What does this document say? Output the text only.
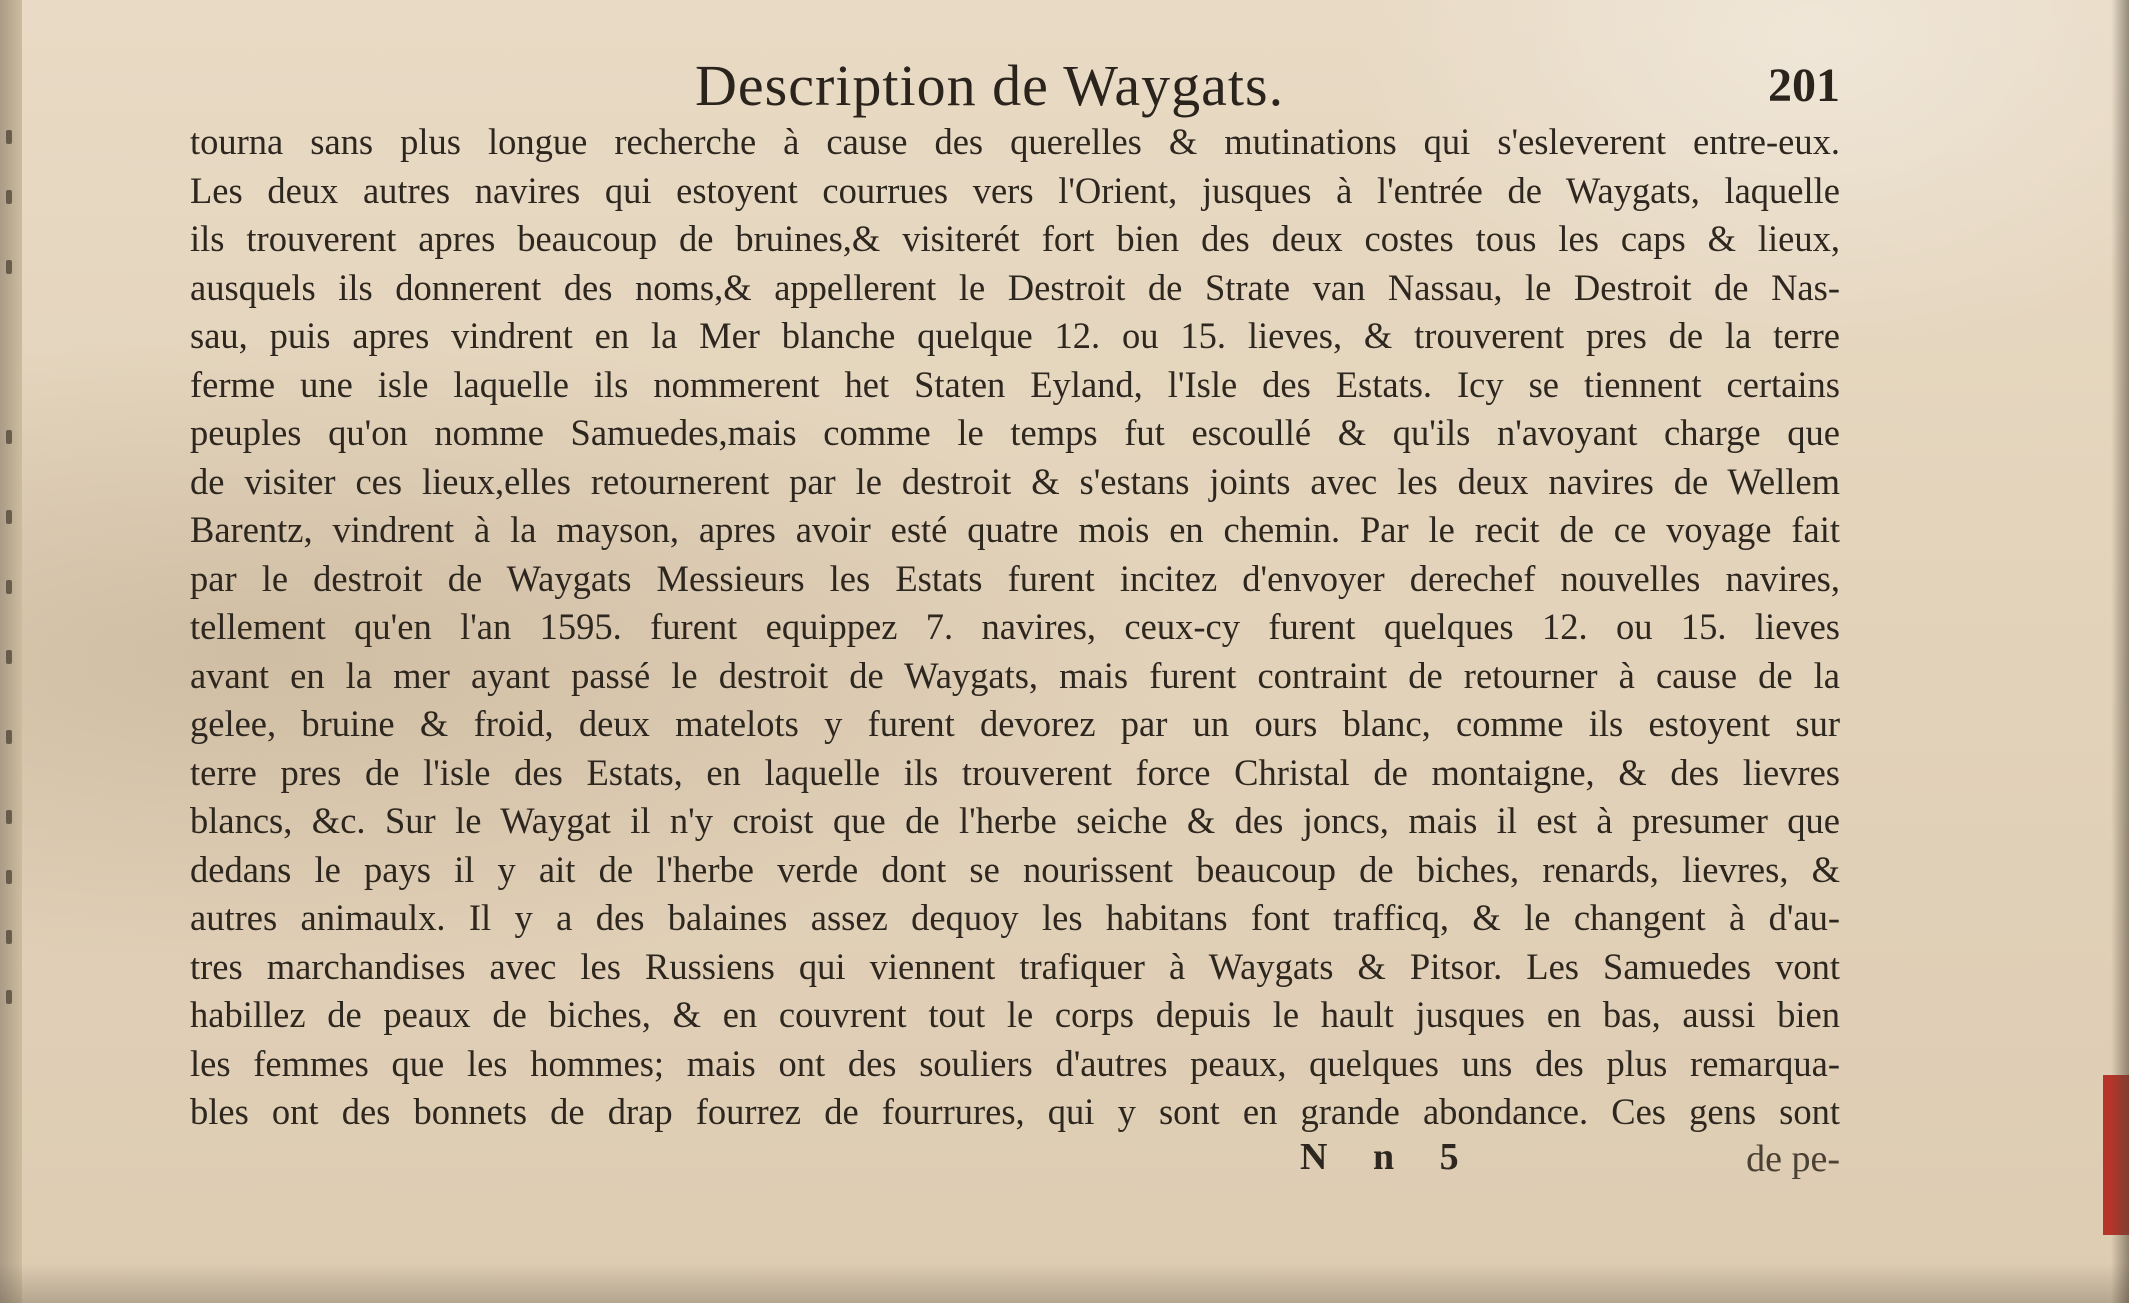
Description de Waygats.	201
tourna sans plus longue recherche à cause des querelles & mutinations qui s'esleverent entre-eux.
Les deux autres navires qui estoyent courrues vers l'Orient, jusques à l'entrée de Waygats, laquelle
ils trouverent apres beaucoup de bruines,& visiterét fort bien des deux costes tous les caps & lieux,
ausquels ils donnerent des noms,& appellerent le Destroit de Strate van Nassau, le Destroit de Nas-
sau, puis apres vindrent en la Mer blanche quelque 12. ou 15. lieves, & trouverent pres de la terre
ferme une isle laquelle ils nommerent het Staten Eyland, l'Isle des Estats. Icy se tiennent certains
peuples qu'on nomme Samuedes,mais comme le temps fut escoullé & qu'ils n'avoyant charge que
de visiter ces lieux,elles retournerent par le destroit & s'estans joints avec les deux navires de Wellem
Barentz, vindrent à la mayson, apres avoir esté quatre mois en chemin. Par le recit de ce voyage fait
par le destroit de Waygats Messieurs les Estats furent incitez d'envoyer derechef nouvelles navires,
tellement qu'en l'an 1595. furent equippez 7. navires, ceux-cy furent quelques 12. ou 15. lieves
avant en la mer ayant passé le destroit de Waygats, mais furent contraint de retourner à cause de la
gelee, bruine & froid, deux matelots y furent devorez par un ours blanc, comme ils estoyent sur
terre pres de l'isle des Estats, en laquelle ils trouverent force Christal de montaigne, & des lievres
blancs, &c. Sur le Waygat il n'y croist que de l'herbe seiche & des joncs, mais il est à presumer que
dedans le pays il y ait de l'herbe verde dont se nourissent beaucoup de biches, renards, lievres, &
autres animaulx. Il y a des balaines assez dequoy les habitans font trafficq, & le changent à d'au-
tres marchandises avec les Russiens qui viennent trafiquer à Waygats & Pitsor. Les Samuedes vont
habillez de peaux de biches, & en couvrent tout le corps depuis le hault jusques en bas, aussi bien
les femmes que les hommes; mais ont des souliers d'autres peaux, quelques uns des plus remarqua-
bles ont des bonnets de drap fourrez de fourrures, qui y sont en grande abondance. Ces gens sont
N n 5	de pe-
